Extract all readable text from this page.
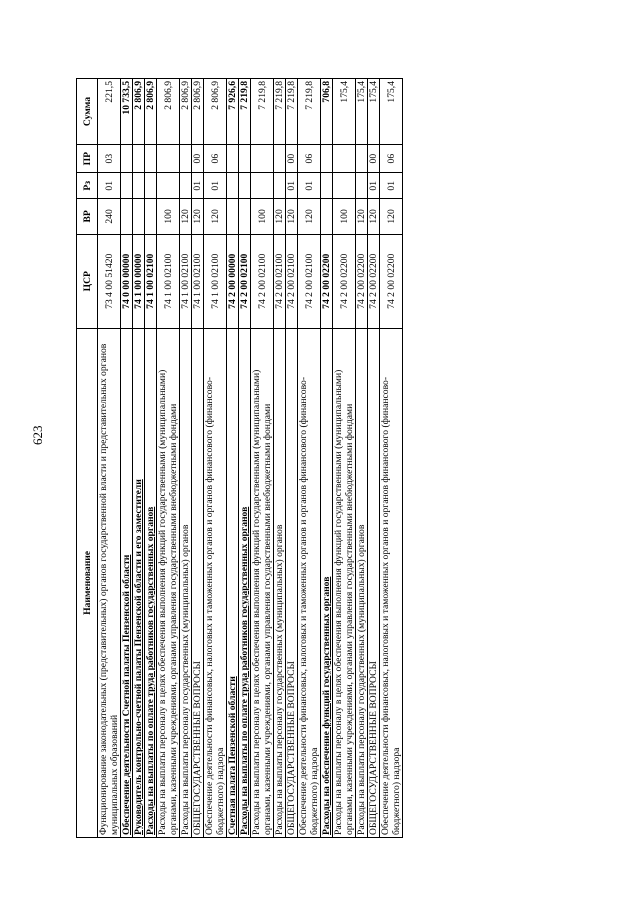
623
Наименование	ЦСР	ВР	Рз	ПР	Сумма
Функционирование законодательных (представительных) органов государственной власти и представительных органов муниципальных образований	73 4 00 51420	240	01	03	221,5
Обеспечение деятельности Счетной палаты Пензенской области	74 0 00 00000				10 733,5
Руководитель контрольно-счетной палаты Пензенской области и его заместители	74 1 00 00000				2 806,9
Расходы на выплаты по оплате труда работников государственных органов	74 1 00 02100				2 806,9
Расходы на выплаты персоналу в целях обеспечения выполнения функций государственными (муниципальными) органами, казенными учреждениями, органами управления государственными внебюджетными фондами	74 1 00 02100	100			2 806,9
Расходы на выплаты персоналу государственных (муниципальных) органов	74 1 00 02100	120			2 806,9
ОБЩЕГОСУДАРСТВЕННЫЕ ВОПРОСЫ	74 1 00 02100	120	01	00	2 806,9
Обеспечение деятельности финансовых, налоговых и таможенных органов и органов финансового (финансово-бюджетного) надзора	74 1 00 02100	120	01	06	2 806,9
Счетная палата Пензенской области	74 2 00 00000				7 926,6
Расходы на выплаты по оплате труда работников государственных органов	74 2 00 02100				7 219,8
Расходы на выплаты персоналу в целях обеспечения выполнения функций государственными (муниципальными) органами, казенными учреждениями, органами управления государственными внебюджетными фондами	74 2 00 02100	100			7 219,8
Расходы на выплаты персоналу государственных (муниципальных) органов	74 2 00 02100	120			7 219,8
ОБЩЕГОСУДАРСТВЕННЫЕ ВОПРОСЫ	74 2 00 02100	120	01	00	7 219,8
Обеспечение деятельности финансовых, налоговых и таможенных органов и органов финансового (финансово-бюджетного) надзора	74 2 00 02100	120	01	06	7 219,8
Расходы на обеспечение функций государственных органов	74 2 00 02200				706,8
Расходы на выплаты персоналу в целях обеспечения выполнения функций государственными (муниципальными) органами, казенными учреждениями, органами управления государственными внебюджетными фондами	74 2 00 02200	100			175,4
Расходы на выплаты персоналу государственных (муниципальных) органов	74 2 00 02200	120			175,4
ОБЩЕГОСУДАРСТВЕННЫЕ ВОПРОСЫ	74 2 00 02200	120	01	00	175,4
Обеспечение деятельности финансовых, налоговых и таможенных органов и органов финансового (финансово-бюджетного) надзора	74 2 00 02200	120	01	06	175,4
